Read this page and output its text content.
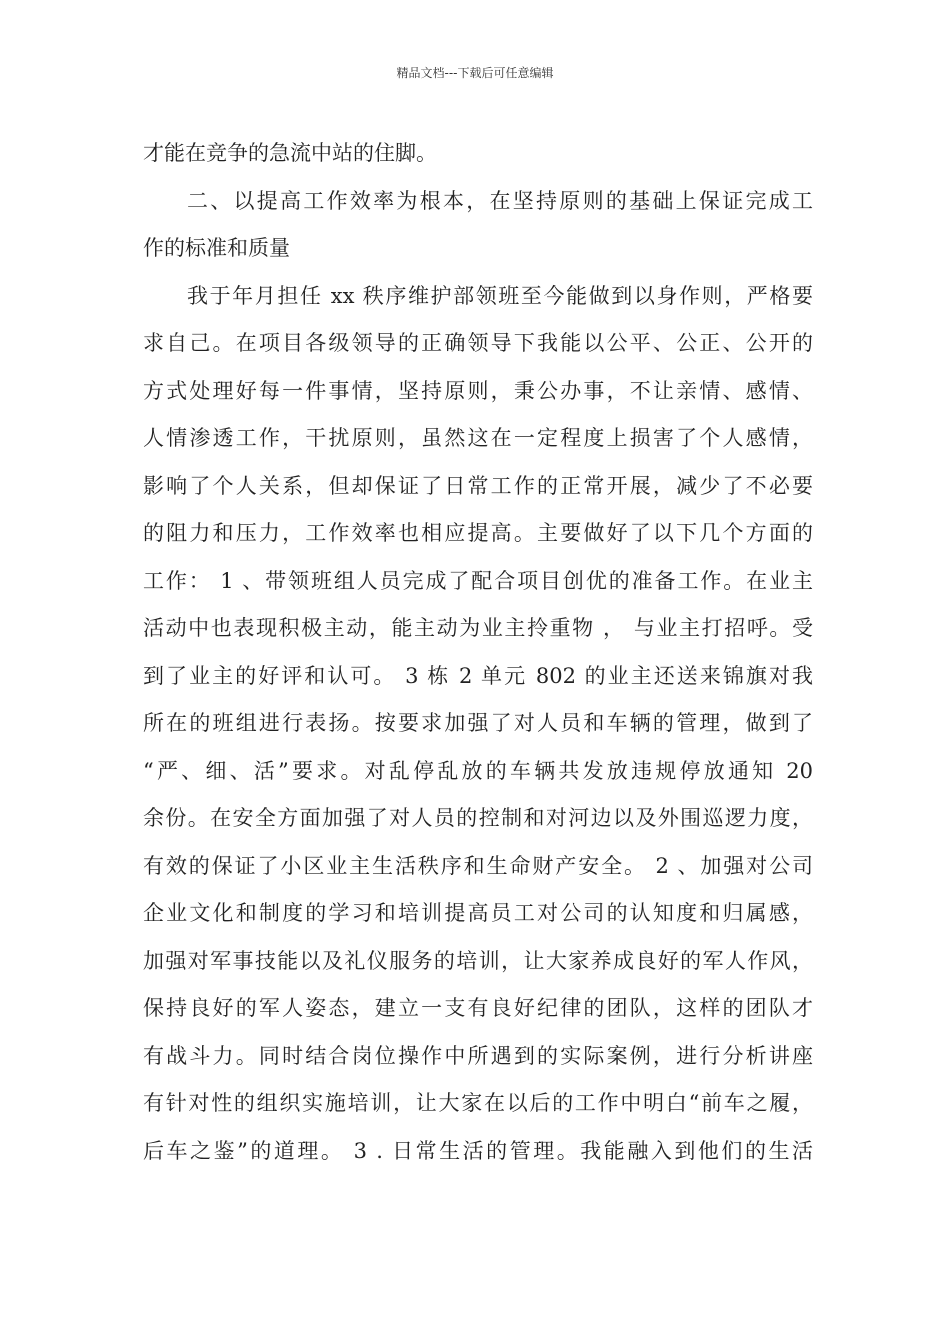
精品文档---下载后可任意编辑
才能在竞争的急流中站的住脚。
二、以提高工作效率为根本，在坚持原则的基础上保证完成工
作的标准和质量
我于年月担任 xx 秩序维护部领班至今能做到以身作则，严格要
求自己。在项目各级领导的正确领导下我能以公平、公正、公开的
方式处理好每一件事情，坚持原则，秉公办事，不让亲情、感情、
人情渗透工作，干扰原则，虽然这在一定程度上损害了个人感情，
影响了个人关系，但却保证了日常工作的正常开展，减少了不必要
的阻力和压力，工作效率也相应提高。主要做好了以下几个方面的
工作： 1 、带领班组人员完成了配合项目创优的准备工作。在业主
活动中也表现积极主动，能主动为业主拎重物 ， 与业主打招呼。受
到了业主的好评和认可。 3 栋 2 单元 802 的业主还送来锦旗对我
所在的班组进行表扬。按要求加强了对人员和车辆的管理，做到了
“严、细、活”要求。对乱停乱放的车辆共发放违规停放通知 20
余份。在安全方面加强了对人员的控制和对河边以及外围巡逻力度，
有效的保证了小区业主生活秩序和生命财产安全。 2 、加强对公司
企业文化和制度的学习和培训提高员工对公司的认知度和归属感，
加强对军事技能以及礼仪服务的培训，让大家养成良好的军人作风，
保持良好的军人姿态，建立一支有良好纪律的团队，这样的团队才
有战斗力。同时结合岗位操作中所遇到的实际案例，进行分析讲座
有针对性的组织实施培训，让大家在以后的工作中明白“前车之履，
后车之鉴”的道理。 3 . 日常生活的管理。我能融入到他们的生活
